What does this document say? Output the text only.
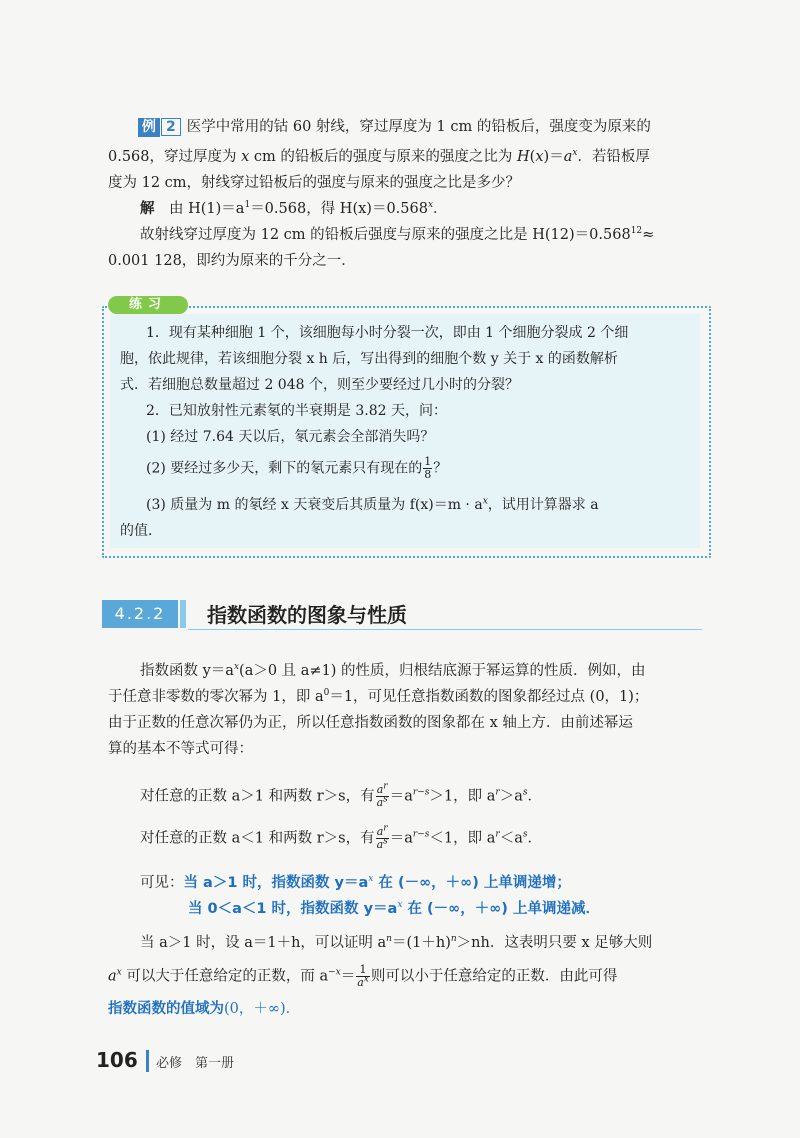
例 2 医学中常用的钴 60 射线，穿过厚度为 1 cm 的铅板后，强度变为原来的
0.568，穿过厚度为 x cm 的铅板后的强度与原来的强度之比为 $H(x)=a^x$．若铅板厚
度为 12 cm，射线穿过铅板后的强度与原来的强度之比是多少？
解　 由 $H(1)=a^1=0.568$，得 $H(x)=0.568^x$．
故射线穿过厚度为 12 cm 的铅板后强度与原来的强度之比是 $H(12)=0.568^{12}\approx$
0.001 128，即约为原来的千分之一．
练习
1．现有某种细胞 1 个，该细胞每小时分裂一次，即由 1 个细胞分裂成 2 个细
胞，依此规律，若该细胞分裂 x h 后，写出得到的细胞个数 y 关于 x 的函数解析
式．若细胞总数量超过 2 048 个，则至少要经过几小时的分裂？
2．已知放射性元素氡的半衰期是 3.82 天，问：
(1) 经过 7.64 天以后，氡元素会全部消失吗？
(2) 要经过多少天，剩下的氡元素只有现在的 $\frac{1}{8}$ ？
(3) 质量为 m 的氡经 x 天衰变后其质量为 $f(x)=m \cdot a^x$，试用计算器求 a
的值．
4.2.2	指数函数的图象与性质
指数函数 $y=a^x(a>0$ 且 a≠1) 的性质，归根结底源于幂运算的性质．例如，由
于任意非零数的零次幂为 1，即 $a^0=1$，可见任意指数函数的图象都经过点 (0，1)；
由于正数的任意次幂仍为正，所以任意指数函数的图象都在 x 轴上方．由前述幂运
算的基本不等式可得：
对任意的正数 a＞1 和两数 r＞s，有 $\frac{a^r}{a^s} =a^{r-s}>1$，即 $a^r>a^s$．
对任意的正数 a＜1 和两数 r＞s，有 $\frac{a^r}{a^s} =a^{r-s}<1$，即 $a^r<a^s$．
可见：当 a＞1 时，指数函数 $y=a^x$ 在 (－∞，＋∞) 上单调递增；
当 0＜a＜1 时，指数函数 $y=a^x$ 在 (－∞，＋∞) 上单调递减．
当 a＞1 时，设 a＝1＋h，可以证明 $a^n=(1+h)^n>nh$．这表明只要 x 足够大则
$a^x$ 可以大于任意给定的正数，而 $a^{-x}= \frac{1}{a^x}$ 则可以小于任意给定的正数．由此可得
指数函数的值域为(0，＋∞)．
106 必修　第一册
